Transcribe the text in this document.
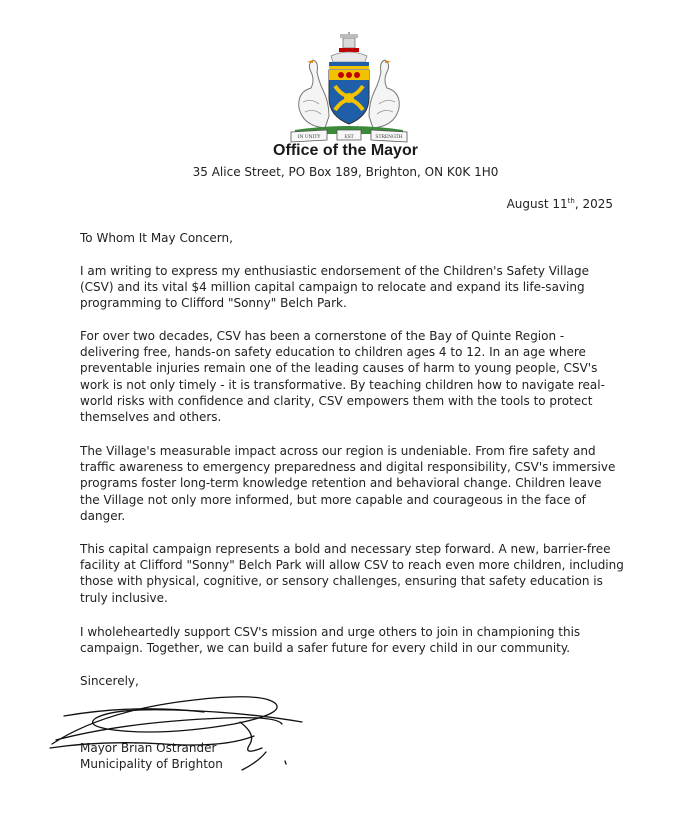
IN UNITY	EST	STRENGTH
Office of the Mayor
35 Alice Street, PO Box 189, Brighton, ON K0K 1H0
August 11th, 2025

To Whom It May Concern,

I am writing to express my enthusiastic endorsement of the Children's Safety Village (CSV) and its vital $4 million capital campaign to relocate and expand its life-saving programming to Clifford "Sonny" Belch Park.

For over two decades, CSV has been a cornerstone of the Bay of Quinte Region - delivering free, hands-on safety education to children ages 4 to 12. In an age where preventable injuries remain one of the leading causes of harm to young people, CSV's work is not only timely - it is transformative. By teaching children how to navigate real-world risks with confidence and clarity, CSV empowers them with the tools to protect themselves and others.

The Village's measurable impact across our region is undeniable. From fire safety and traffic awareness to emergency preparedness and digital responsibility, CSV's immersive programs foster long-term knowledge retention and behavioral change. Children leave the Village not only more informed, but more capable and courageous in the face of danger.

This capital campaign represents a bold and necessary step forward. A new, barrier-free facility at Clifford "Sonny" Belch Park will allow CSV to reach even more children, including those with physical, cognitive, or sensory challenges, ensuring that safety education is truly inclusive.

I wholeheartedly support CSV's mission and urge others to join in championing this campaign. Together, we can build a safer future for every child in our community.

Sincerely,

Mayor Brian Ostrander
Municipality of Brighton
